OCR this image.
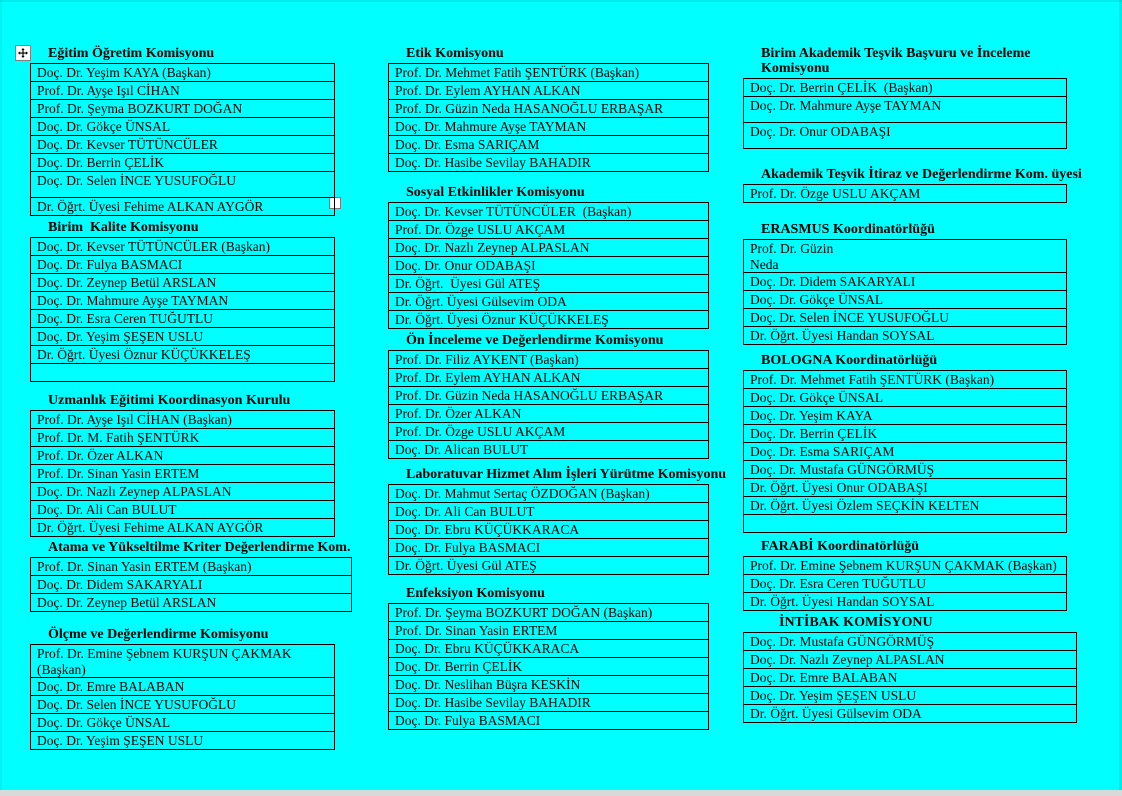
Eğitim Öğretim Komisyonu
Doç. Dr. Yeşim KAYA (Başkan)
Prof. Dr. Ayşe Işıl CİHAN
Prof. Dr. Şeyma BOZKURT DOĞAN
Doç. Dr. Gökçe ÜNSAL
Doç. Dr. Kevser TÜTÜNCÜLER
Doç. Dr. Berrin ÇELİK
Doç. Dr. Selen İNCE YUSUFOĞLU
Dr. Öğrt. Üyesi Fehime ALKAN AYGÖR
Birim  Kalite Komisyonu
Doç. Dr. Kevser TÜTÜNCÜLER (Başkan)
Doç. Dr. Fulya BASMACI
Doç. Dr. Zeynep Betül ARSLAN
Doç. Dr. Mahmure Ayşe TAYMAN
Doç. Dr. Esra Ceren TUĞUTLU
Doç. Dr. Yeşim ŞEŞEN USLU
Dr. Öğrt. Üyesi Öznur KÜÇÜKKELEŞ
Uzmanlık Eğitimi Koordinasyon Kurulu
Prof. Dr. Ayşe Işıl CİHAN (Başkan)
Prof. Dr. M. Fatih ŞENTÜRK
Prof. Dr. Özer ALKAN
Prof. Dr. Sinan Yasin ERTEM
Doç. Dr. Nazlı Zeynep ALPASLAN
Doç. Dr. Ali Can BULUT
Dr. Öğrt. Üyesi Fehime ALKAN AYGÖR
Atama ve Yükseltilme Kriter Değerlendirme Kom.
Prof. Dr. Sinan Yasin ERTEM (Başkan)
Doç. Dr. Didem SAKARYALI
Doç. Dr. Zeynep Betül ARSLAN
Ölçme ve Değerlendirme Komisyonu
Prof. Dr. Emine Şebnem KURŞUN ÇAKMAK
(Başkan)
Doç. Dr. Emre BALABAN
Doç. Dr. Selen İNCE YUSUFOĞLU
Doç. Dr. Gökçe ÜNSAL
Doç. Dr. Yeşim ŞEŞEN USLU
Etik Komisyonu
Prof. Dr. Mehmet Fatih ŞENTÜRK (Başkan)
Prof. Dr. Eylem AYHAN ALKAN
Prof. Dr. Güzin Neda HASANOĞLU ERBAŞAR
Doç. Dr. Mahmure Ayşe TAYMAN
Doç. Dr. Esma SARIÇAM
Doç. Dr. Hasibe Sevilay BAHADIR
Sosyal Etkinlikler Komisyonu
Doç. Dr. Kevser TÜTÜNCÜLER  (Başkan)
Prof. Dr. Özge USLU AKÇAM
Doç. Dr. Nazlı Zeynep ALPASLAN
Doç. Dr. Onur ODABAŞI
Dr. Öğrt.  Üyesi Gül ATEŞ
Dr. Öğrt. Üyesi Gülsevim ODA
Dr. Öğrt. Üyesi Öznur KÜÇÜKKELEŞ
Ön İnceleme ve Değerlendirme Komisyonu
Prof. Dr. Filiz AYKENT (Başkan)
Prof. Dr. Eylem AYHAN ALKAN
Prof. Dr. Güzin Neda HASANOĞLU ERBAŞAR
Prof. Dr. Özer ALKAN
Prof. Dr. Özge USLU AKÇAM
Doç. Dr. Alican BULUT
Laboratuvar Hizmet Alım İşleri Yürütme Komisyonu
Doç. Dr. Mahmut Sertaç ÖZDOĞAN (Başkan)
Doç. Dr. Ali Can BULUT
Doç. Dr. Ebru KÜÇÜKKARACA
Doç. Dr. Fulya BASMACI
Dr. Öğrt. Üyesi Gül ATEŞ
Enfeksiyon Komisyonu
Prof. Dr. Şeyma BOZKURT DOĞAN (Başkan)
Prof. Dr. Sinan Yasin ERTEM
Doç. Dr. Ebru KÜÇÜKKARACA
Doç. Dr. Berrin ÇELİK
Doç. Dr. Neslihan Büşra KESKİN
Doç. Dr. Hasibe Sevilay BAHADIR
Doç. Dr. Fulya BASMACI
Birim Akademik Teşvik Başvuru ve İnceleme
Komisyonu
Doç. Dr. Berrin ÇELİK  (Başkan)
Doç. Dr. Mahmure Ayşe TAYMAN
Doç. Dr. Onur ODABAŞI
Akademik Teşvik İtiraz ve Değerlendirme Kom. üyesi
Prof. Dr. Özge USLU AKÇAM
ERASMUS Koordinatörlüğü
Prof. Dr. Güzin
Neda
Doç. Dr. Didem SAKARYALI
Doç. Dr. Gökçe ÜNSAL
Doç. Dr. Selen İNCE YUSUFOĞLU
Dr. Öğrt. Üyesi Handan SOYSAL
BOLOGNA Koordinatörlüğü
Prof. Dr. Mehmet Fatih ŞENTÜRK (Başkan)
Doç. Dr. Gökçe ÜNSAL
Doç. Dr. Yeşim KAYA
Doç. Dr. Berrin ÇELİK
Doç. Dr. Esma SARIÇAM
Doç. Dr. Mustafa GÜNGÖRMÜŞ
Dr. Öğrt. Üyesi Onur ODABAŞI
Dr. Öğrt. Üyesi Özlem SEÇKİN KELTEN
FARABİ Koordinatörlüğü
Prof. Dr. Emine Şebnem KURŞUN ÇAKMAK (Başkan)
Doç. Dr. Esra Ceren TUĞUTLU
Dr. Öğrt. Üyesi Handan SOYSAL
İNTİBAK KOMİSYONU
Doç. Dr. Mustafa GÜNGÖRMÜŞ
Doç. Dr. Nazlı Zeynep ALPASLAN
Doç. Dr. Emre BALABAN
Doç. Dr. Yeşim ŞEŞEN USLU
Dr. Öğrt. Üyesi Gülsevim ODA
